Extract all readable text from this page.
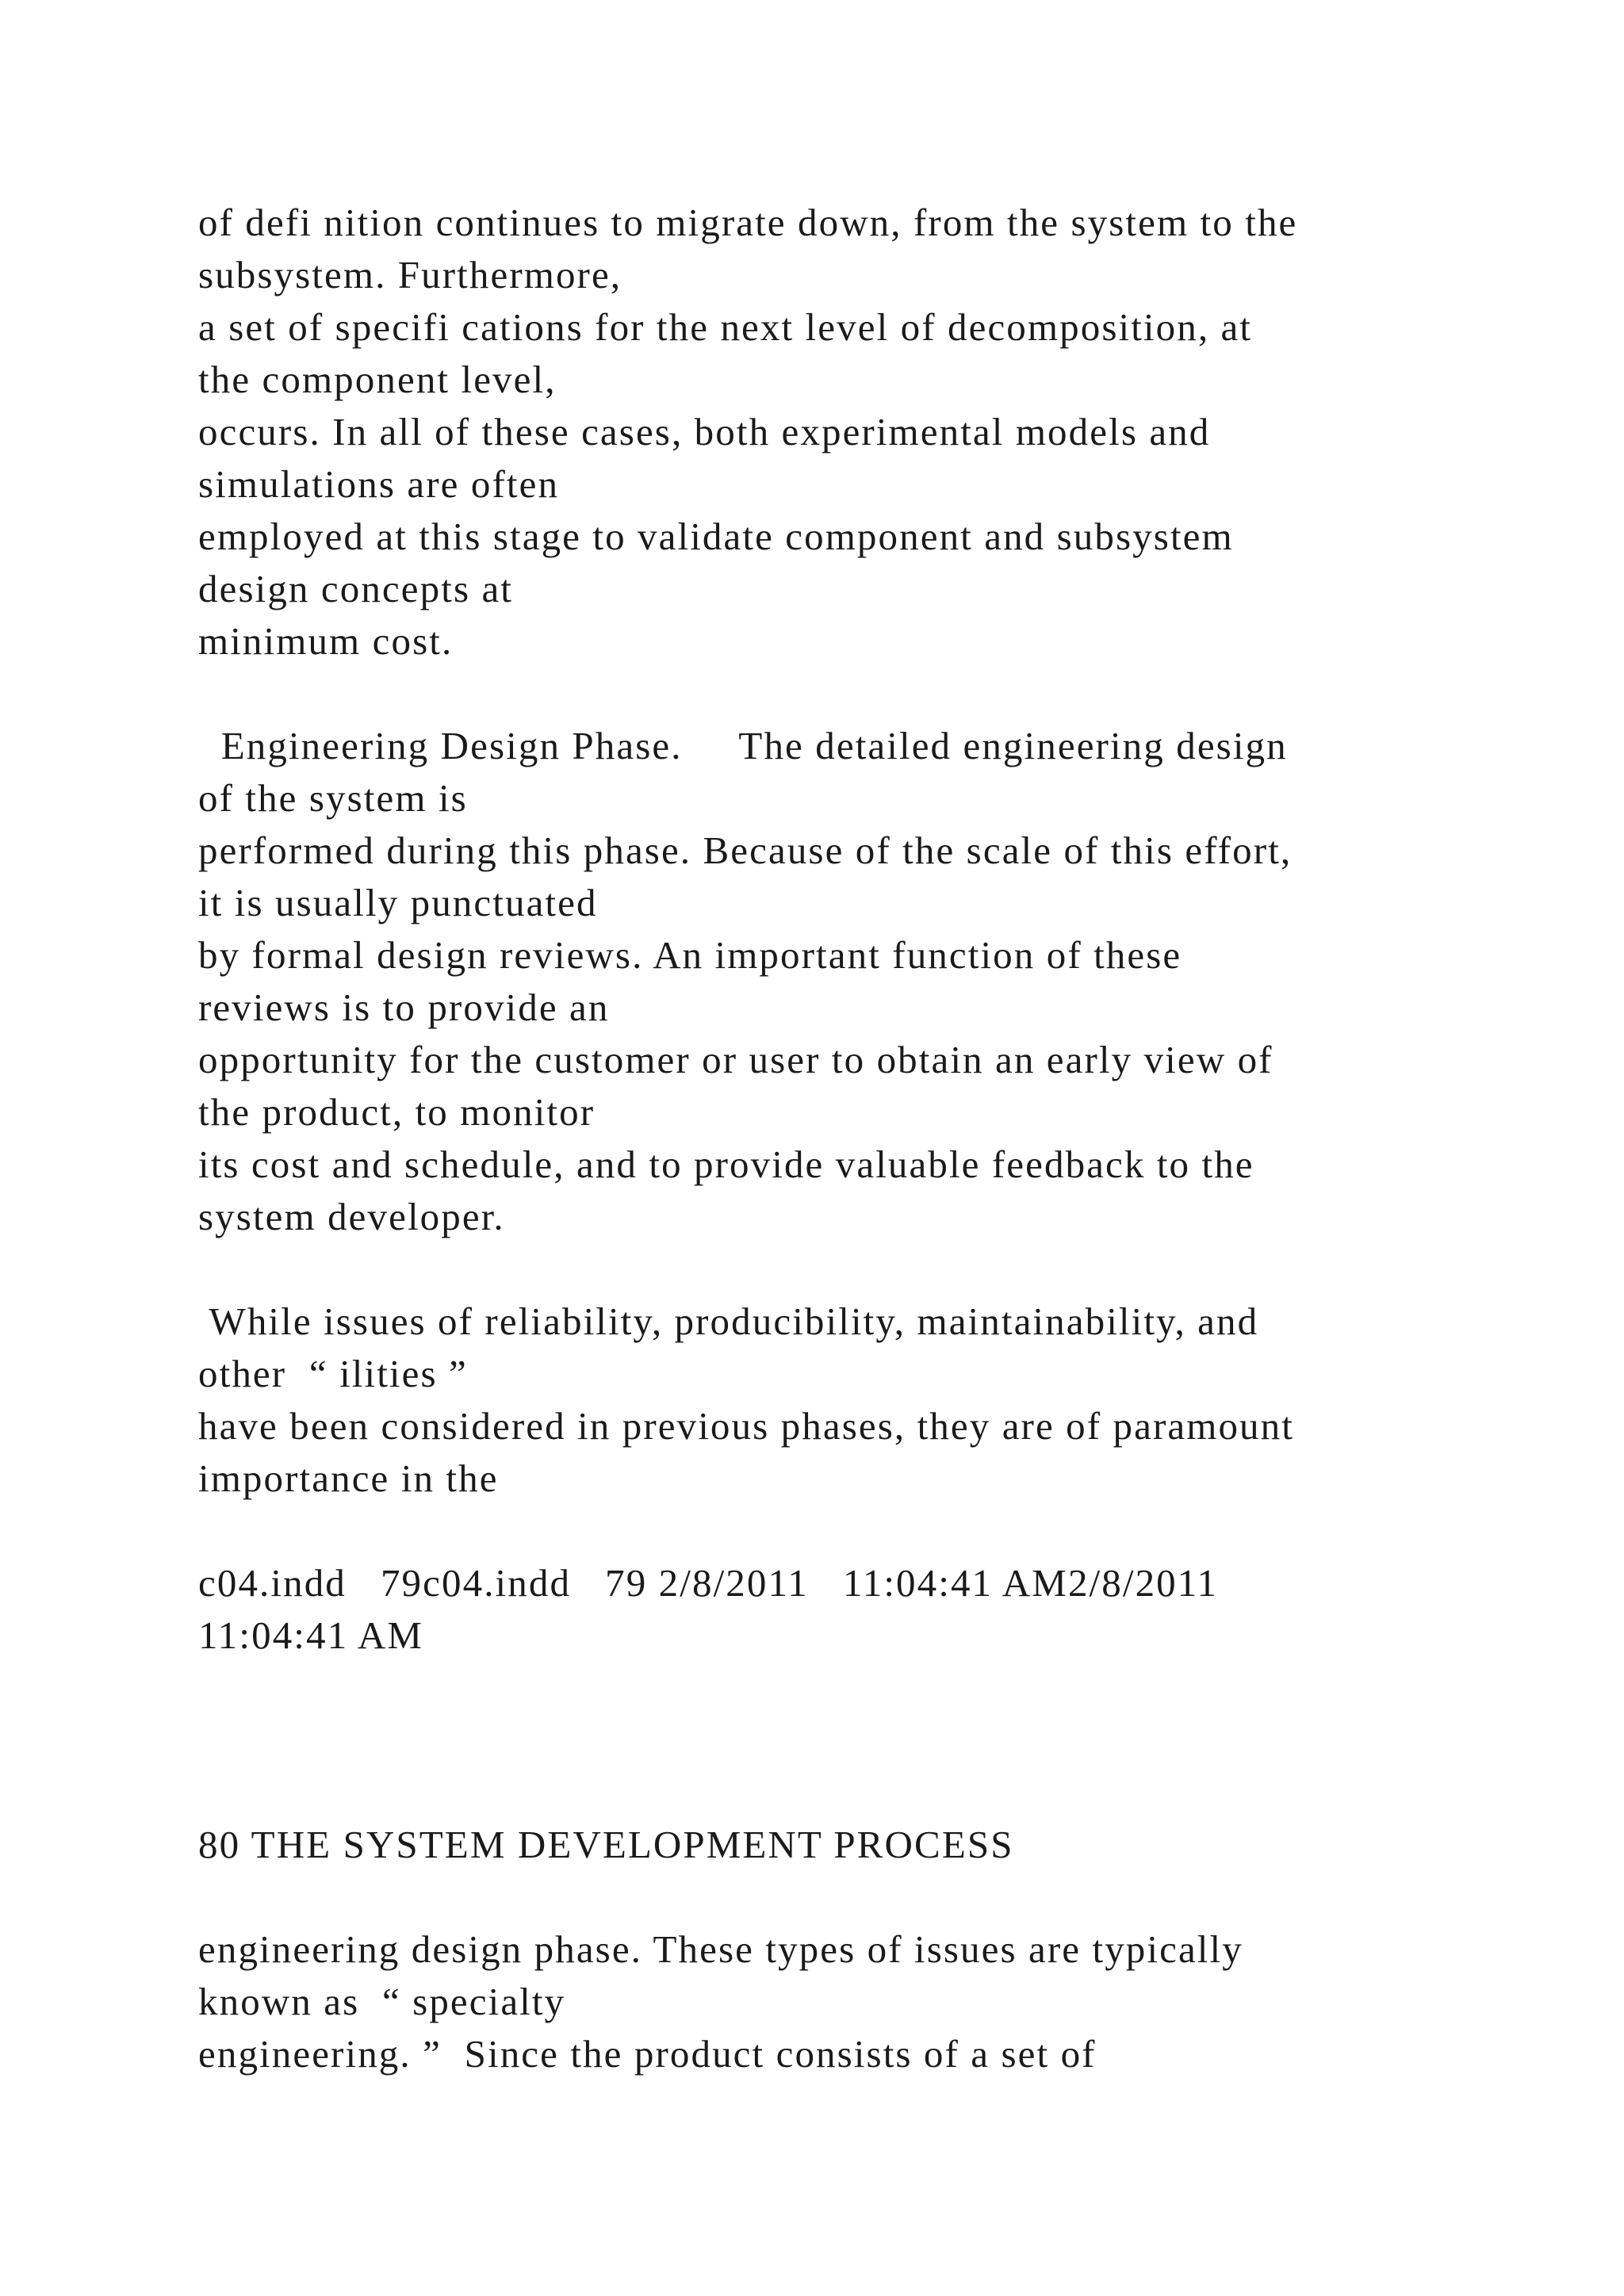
of defi nition continues to migrate down, from the system to the

subsystem. Furthermore,

a set of specifi cations for the next level of decomposition, at

the component level,

occurs. In all of these cases, both experimental models and

simulations are often

employed at this stage to validate component and subsystem

design concepts at

minimum cost.

Engineering Design Phase.     The detailed engineering design

of the system is

performed during this phase. Because of the scale of this effort,

it is usually punctuated

by formal design reviews. An important function of these

reviews is to provide an

opportunity for the customer or user to obtain an early view of

the product, to monitor

its cost and schedule, and to provide valuable feedback to the

system developer.

While issues of reliability, producibility, maintainability, and

other  “ ilities ”

have been considered in previous phases, they are of paramount

importance in the

c04.indd   79c04.indd   79 2/8/2011   11:04:41 AM2/8/2011

11:04:41 AM

80 THE SYSTEM DEVELOPMENT PROCESS

engineering design phase. These types of issues are typically

known as  “ specialty

engineering. ”  Since the product consists of a set of
